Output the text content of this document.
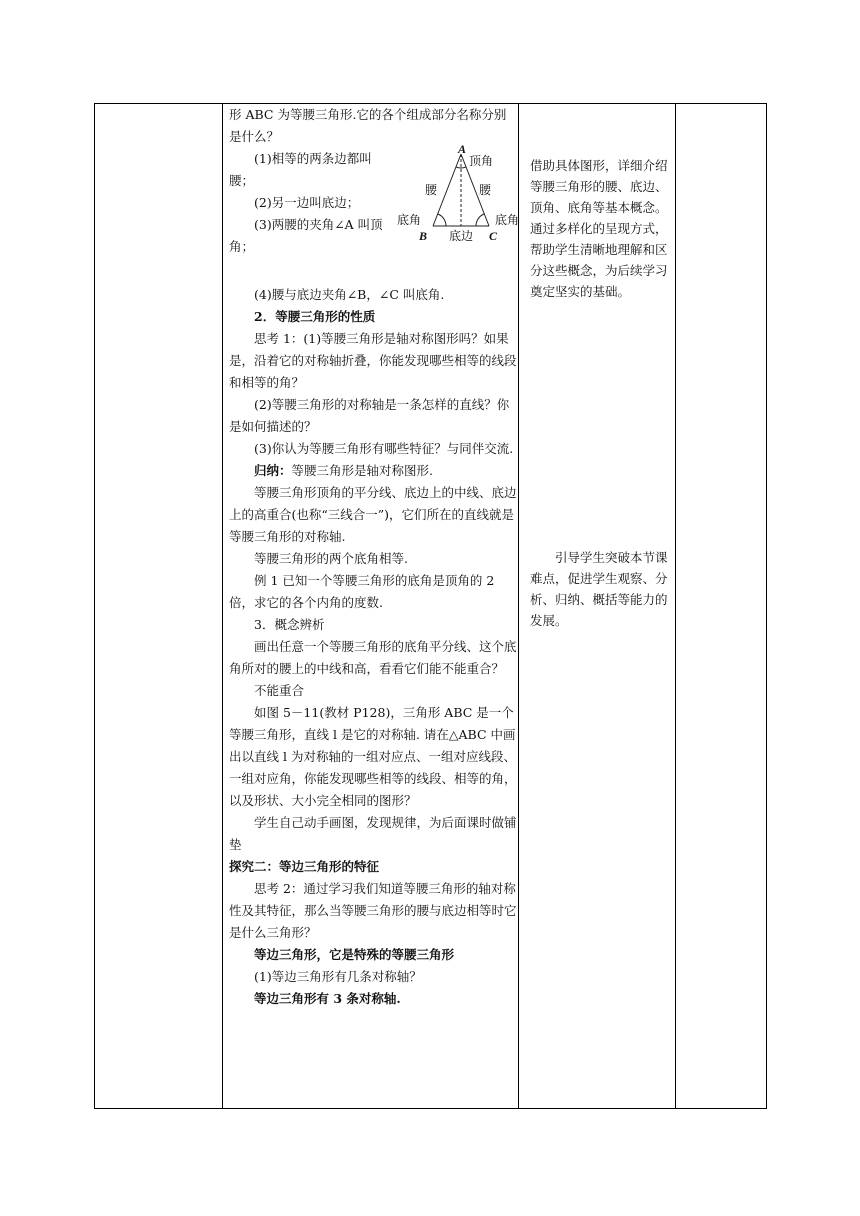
形 ABC 为等腰三角形.它的各个组成部分名称分别是什么？

(1)相等的两条边都叫

腰；

(2)另一边叫底边；

(3)两腰的夹角∠A 叫顶

角；

A
B	C
顶角
腰	腰
底角	底角
底边

(4)腰与底边夹角∠B，∠C 叫底角.

2．等腰三角形的性质

思考 1：(1)等腰三角形是轴对称图形吗？如果是，沿着它的对称轴折叠，你能发现哪些相等的线段和相等的角？

(2)等腰三角形的对称轴是一条怎样的直线？你是如何描述的？

(3)你认为等腰三角形有哪些特征？与同伴交流.

归纳：等腰三角形是轴对称图形.

等腰三角形顶角的平分线、底边上的中线、底边上的高重合(也称“三线合一”)，它们所在的直线就是等腰三角形的对称轴.

等腰三角形的两个底角相等.

例 1 已知一个等腰三角形的底角是顶角的 2 倍，求它的各个内角的度数.

3．概念辨析

画出任意一个等腰三角形的底角平分线、这个底角所对的腰上的中线和高，看看它们能不能重合？

不能重合

如图 5－11(教材 P128)，三角形 ABC 是一个等腰三角形，直线 l 是它的对称轴. 请在△ABC 中画出以直线 l 为对称轴的一组对应点、一组对应线段、一组对应角，你能发现哪些相等的线段、相等的角，以及形状、大小完全相同的图形？

学生自己动手画图，发现规律，为后面课时做铺垫

探究二：等边三角形的特征

思考 2：通过学习我们知道等腰三角形的轴对称性及其特征，那么当等腰三角形的腰与底边相等时它是什么三角形？

等边三角形，它是特殊的等腰三角形

(1)等边三角形有几条对称轴？

等边三角形有 3 条对称轴.

借助具体图形，详细介绍等腰三角形的腰、底边、顶角、底角等基本概念。通过多样化的呈现方式，帮助学生清晰地理解和区分这些概念，为后续学习奠定坚实的基础。

引导学生突破本节课难点，促进学生观察、分析、归纳、概括等能力的发展。
